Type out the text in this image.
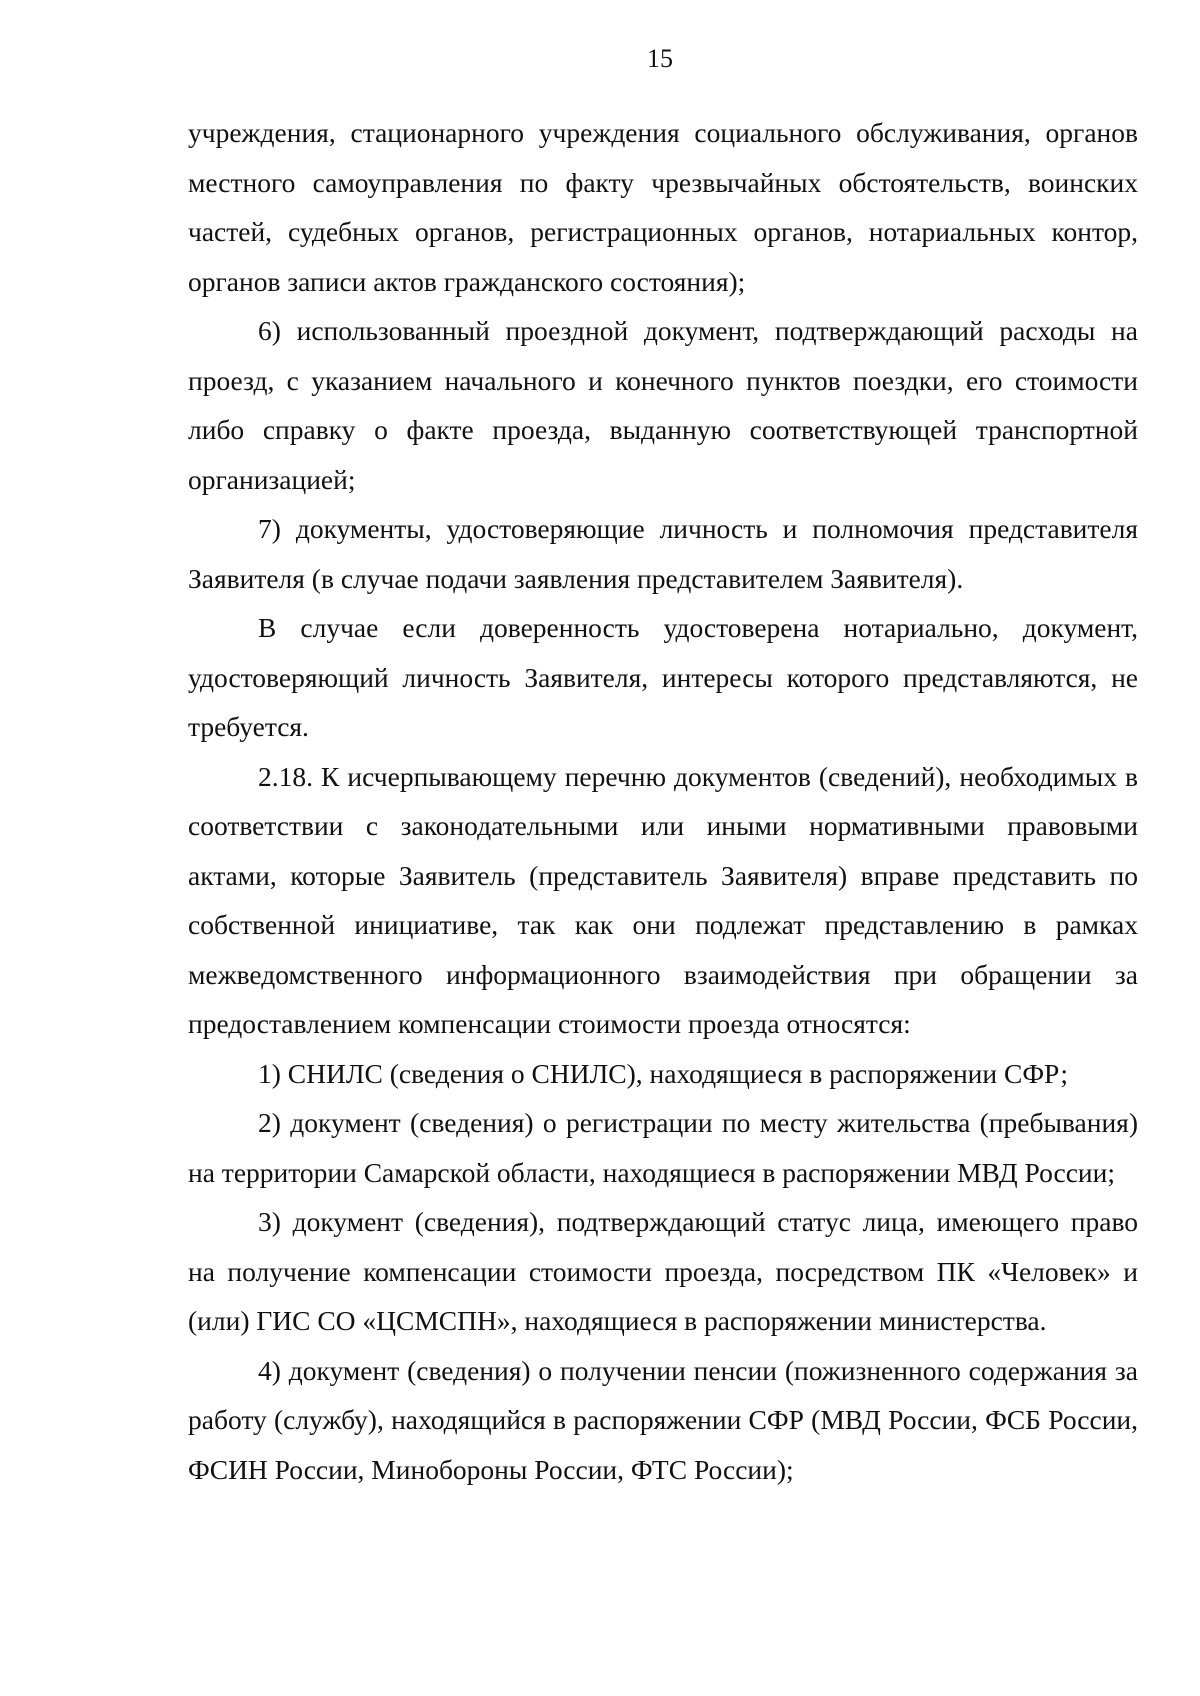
15

учреждения, стационарного учреждения социального обслуживания, органов местного самоуправления по факту чрезвычайных обстоятельств, воинских частей, судебных органов, регистрационных органов, нотариальных контор, органов записи актов гражданского состояния);

6) использованный проездной документ, подтверждающий расходы на проезд, с указанием начального и конечного пунктов поездки, его стоимости либо справку о факте проезда, выданную соответствующей транспортной организацией;

7) документы, удостоверяющие личность и полномочия представителя Заявителя (в случае подачи заявления представителем Заявителя).

В случае если доверенность удостоверена нотариально, документ, удостоверяющий личность Заявителя, интересы которого представляются, не требуется.

2.18. К исчерпывающему перечню документов (сведений), необходимых в соответствии с законодательными или иными нормативными правовыми актами, которые Заявитель (представитель Заявителя) вправе представить по собственной инициативе, так как они подлежат представлению в рамках межведомственного информационного взаимодействия при обращении за предоставлением компенсации стоимости проезда относятся:

1) СНИЛС (сведения о СНИЛС), находящиеся в распоряжении СФР;

2) документ (сведения) о регистрации по месту жительства (пребывания) на территории Самарской области, находящиеся в распоряжении МВД России;

3) документ (сведения), подтверждающий статус лица, имеющего право на получение компенсации стоимости проезда, посредством ПК «Человек» и (или) ГИС СО «ЦСМСПН», находящиеся в распоряжении министерства.

4) документ (сведения) о получении пенсии (пожизненного содержания за работу (службу), находящийся в распоряжении СФР (МВД России, ФСБ России, ФСИН России, Минобороны России, ФТС России);
